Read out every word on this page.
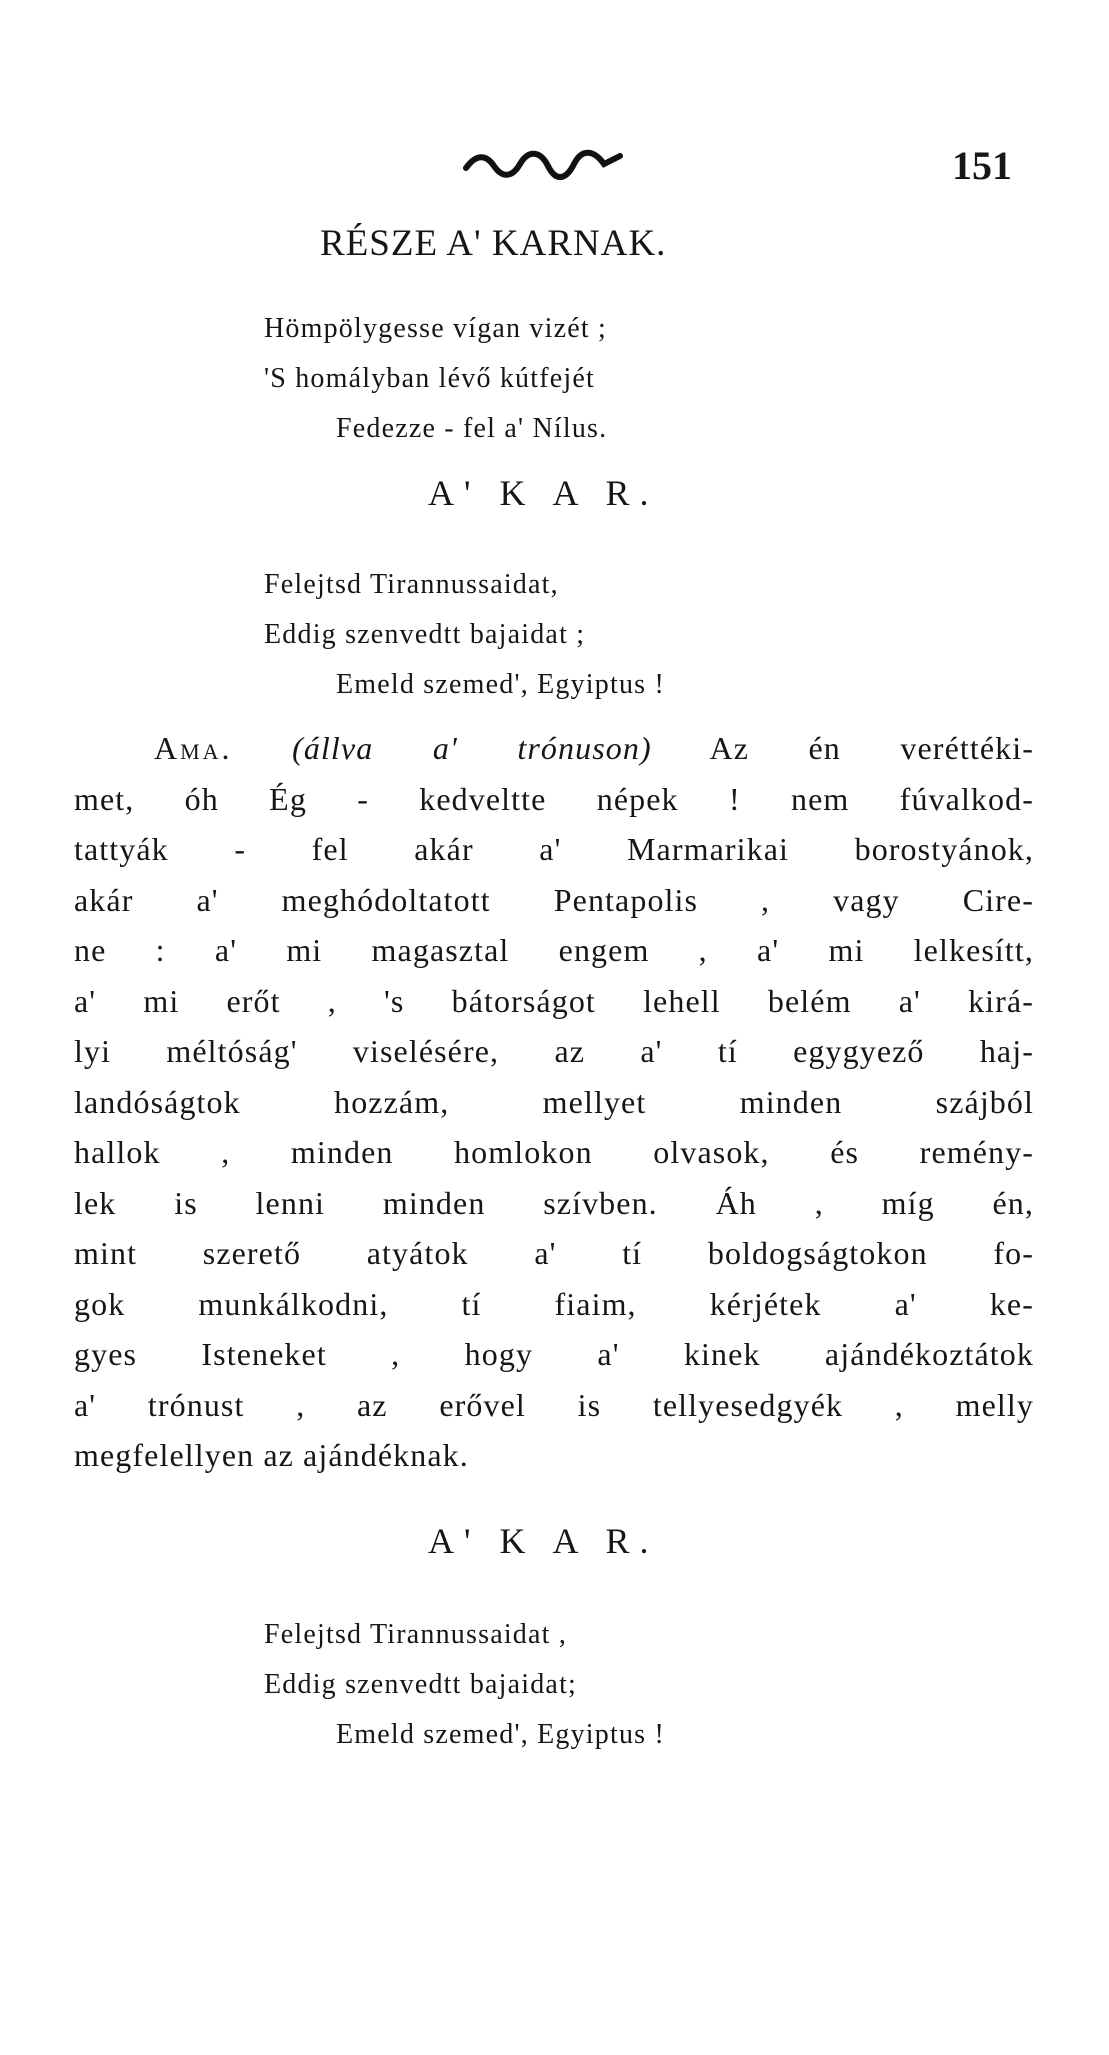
151
RÉSZE A' KARNAK.
Hömpölygesse vígan vizét ;
'S homályban lévő kútfejét
Fedezze - fel a' Nílus.
A' K A R.
Felejtsd Tirannussaidat,
Eddig szenvedtt bajaidat ;
Emeld szemed', Egyiptus !
Ama. (állva a' trónuson) Az én veréttéki-
met, óh Ég - kedveltte népek ! nem fúvalkod-
tattyák - fel akár a' Marmarikai borostyánok,
akár a' meghódoltatott Pentapolis , vagy Cire-
ne : a' mi magasztal engem , a' mi lelkesítt,
a' mi erőt , 's bátorságot lehell belém a' kirá-
lyi méltóság' viselésére, az a' tí egygyező haj-
landóságtok hozzám, mellyet minden szájból
hallok , minden homlokon olvasok, és remény-
lek is lenni minden szívben. Áh , míg én,
mint szerető atyátok a' tí boldogságtokon fo-
gok munkálkodni, tí fiaim, kérjétek a' ke-
gyes Isteneket , hogy a' kinek ajándékoztátok
a' trónust , az erővel is tellyesedgyék , melly
megfelellyen az ajándéknak.
A' K A R.
Felejtsd Tirannussaidat ,
Eddig szenvedtt bajaidat;
Emeld szemed', Egyiptus !
